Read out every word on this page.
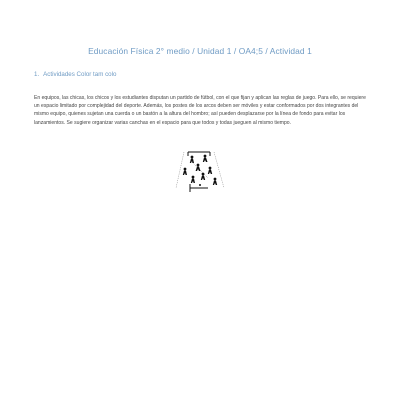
Educación Física 2° medio / Unidad 1 / OA4;5 / Actividad 1
1. Actividades Color tam colo
En equipos, las chicas, los chicos y los estudiantes disputan un partido de fútbol, con el que fijan y aplican las reglas de juego. Para ello, se requiere un espacio limitado por complejidad del deporte. Además, los postes de los arcos deben ser móviles y estar conformados por dos integrantes del mismo equipo, quienes sujetan una cuerda o un bastón a la altura del hombro; así pueden desplazarse por la línea de fondo para evitar los lanzamientos. Se sugiere organizar varias canchas en el espacio para que todos y todas jueguen al mismo tiempo.
